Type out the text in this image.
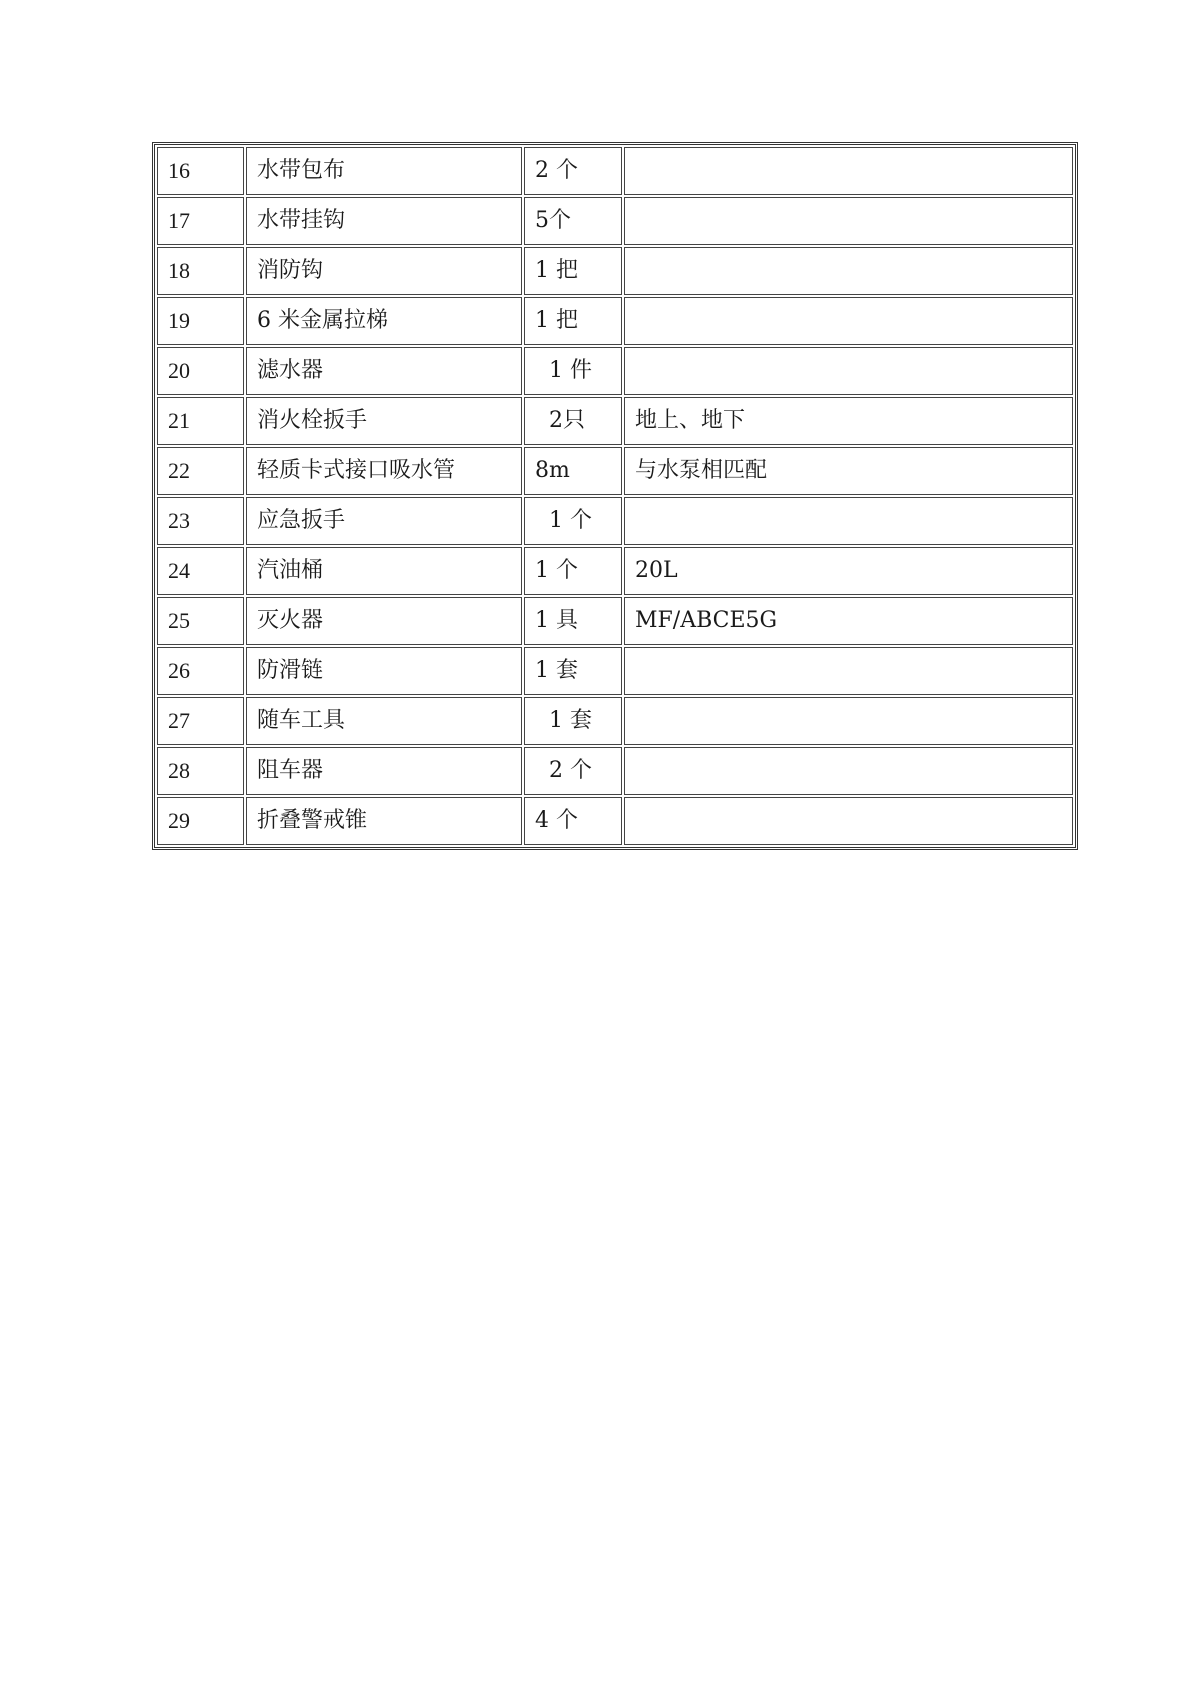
16	水带包布	2 个	
17	水带挂钩	5个	
18	消防钩	1 把	
19	6 米金属拉梯	1 把	
20	滤水器	1 件	
21	消火栓扳手	2只	地上、地下
22	轻质卡式接口吸水管	8m	与水泵相匹配
23	应急扳手	1 个	
24	汽油桶	1 个	20L
25	灭火器	1 具	MF/ABCE5G
26	防滑链	1 套	
27	随车工具	1 套	
28	阻车器	2 个	
29	折叠警戒锥	4 个	
